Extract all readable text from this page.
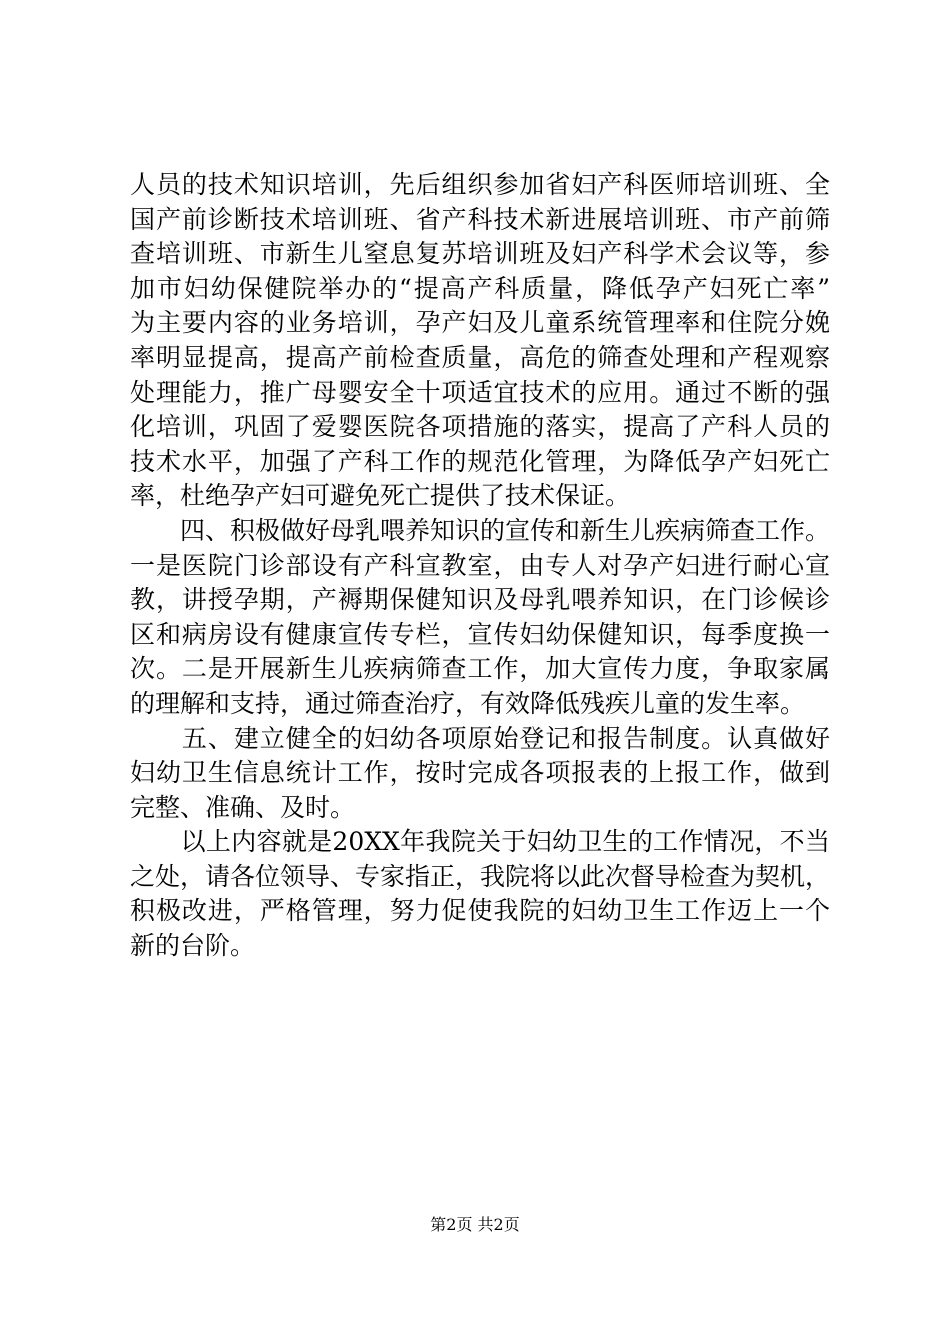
人员的技术知识培训，先后组织参加省妇产科医师培训班、全
国产前诊断技术培训班、省产科技术新进展培训班、市产前筛
查培训班、市新生儿窒息复苏培训班及妇产科学术会议等，参
加市妇幼保健院举办的“提高产科质量，降低孕产妇死亡率”
为主要内容的业务培训，孕产妇及儿童系统管理率和住院分娩
率明显提高，提高产前检查质量，高危的筛查处理和产程观察
处理能力，推广母婴安全十项适宜技术的应用。通过不断的强
化培训，巩固了爱婴医院各项措施的落实，提高了产科人员的
技术水平，加强了产科工作的规范化管理，为降低孕产妇死亡
率，杜绝孕产妇可避免死亡提供了技术保证。
　　四、积极做好母乳喂养知识的宣传和新生儿疾病筛查工作。
一是医院门诊部设有产科宣教室，由专人对孕产妇进行耐心宣
教，讲授孕期，产褥期保健知识及母乳喂养知识，在门诊候诊
区和病房设有健康宣传专栏，宣传妇幼保健知识，每季度换一
次。二是开展新生儿疾病筛查工作，加大宣传力度，争取家属
的理解和支持，通过筛查治疗，有效降低残疾儿童的发生率。
　　五、建立健全的妇幼各项原始登记和报告制度。认真做好
妇幼卫生信息统计工作，按时完成各项报表的上报工作，做到
完整、准确、及时。
　　以上内容就是20XX年我院关于妇幼卫生的工作情况，不当
之处，请各位领导、专家指正，我院将以此次督导检查为契机，
积极改进，严格管理，努力促使我院的妇幼卫生工作迈上一个
新的台阶。
第2页 共2页
